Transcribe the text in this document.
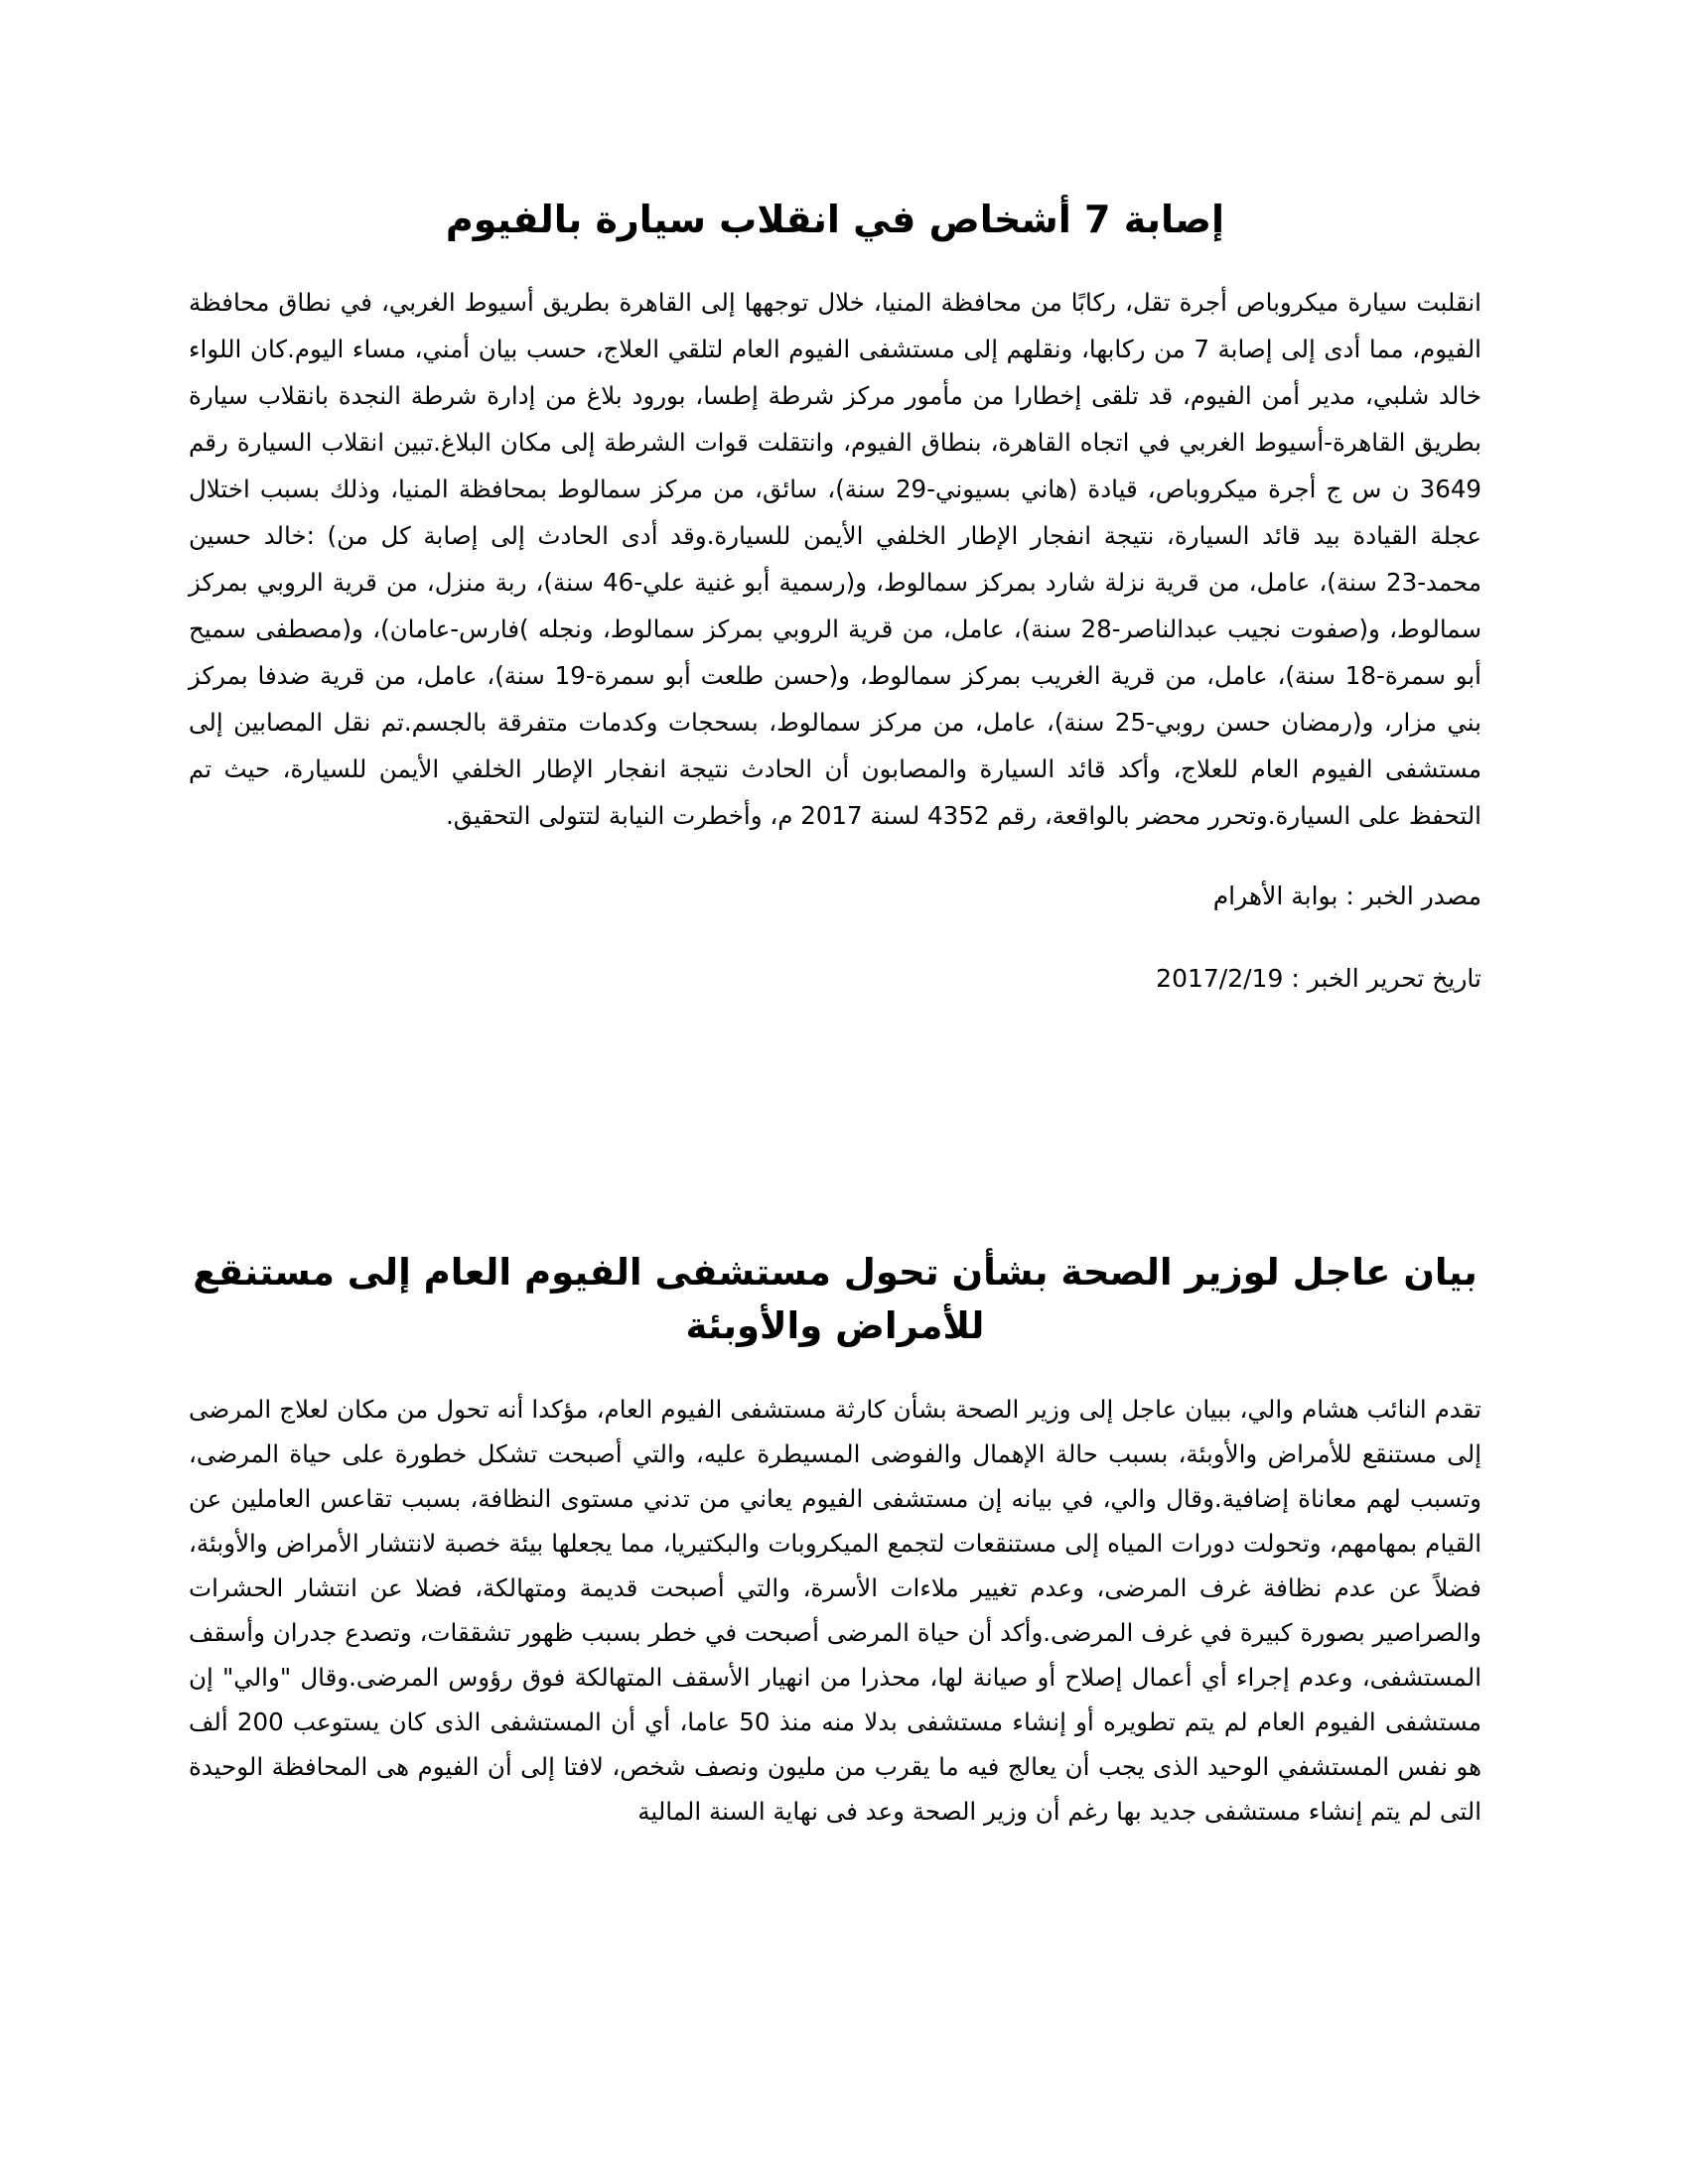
إصابة 7 أشخاص في انقلاب سيارة بالفيوم

انقلبت سيارة ميكروباص أجرة تقل، ركابًا من محافظة المنيا، خلال توجهها إلى القاهرة بطريق أسيوط الغربي، في نطاق محافظة الفيوم، مما أدى إلى إصابة 7 من ركابها، ونقلهم إلى مستشفى الفيوم العام لتلقي العلاج، حسب بيان أمني، مساء اليوم.كان اللواء خالد شلبي، مدير أمن الفيوم، قد تلقى إخطارا من مأمور مركز شرطة إطسا، بورود بلاغ من إدارة شرطة النجدة بانقلاب سيارة بطريق القاهرة-أسيوط الغربي في اتجاه القاهرة، بنطاق الفيوم، وانتقلت قوات الشرطة إلى مكان البلاغ.تبين انقلاب السيارة رقم 3649 ن س ج أجرة ميكروباص، قيادة (هاني بسيوني-29 سنة)، سائق، من مركز سمالوط بمحافظة المنيا، وذلك بسبب اختلال عجلة القيادة بيد قائد السيارة، نتيجة انفجار الإطار الخلفي الأيمن للسيارة.وقد أدى الحادث إلى إصابة كل من) :خالد حسين محمد-23 سنة)، عامل، من قرية نزلة شارد بمركز سمالوط، و(رسمية أبو غنية علي-46 سنة)، ربة منزل، من قرية الروبي بمركز سمالوط، و(صفوت نجيب عبدالناصر-28 سنة)، عامل، من قرية الروبي بمركز سمالوط، ونجله )فارس-عامان)، و(مصطفى سميح أبو سمرة-18 سنة)، عامل، من قرية الغريب بمركز سمالوط، و(حسن طلعت أبو سمرة-19 سنة)، عامل، من قرية ضدفا بمركز بني مزار، و(رمضان حسن روبي-25 سنة)، عامل، من مركز سمالوط، بسحجات وكدمات متفرقة بالجسم.تم نقل المصابين إلى مستشفى الفيوم العام للعلاج، وأكد قائد السيارة والمصابون أن الحادث نتيجة انفجار الإطار الخلفي الأيمن للسيارة، حيث تم التحفظ على السيارة.وتحرر محضر بالواقعة، رقم 4352 لسنة 2017 م، وأخطرت النيابة لتتولى التحقيق.

مصدر الخبر : بوابة الأهرام

تاريخ تحرير الخبر : 2017/2/19

بيان عاجل لوزير الصحة بشأن تحول مستشفى الفيوم العام إلى مستنقع للأمراض والأوبئة

تقدم النائب هشام والي، ببيان عاجل إلى وزير الصحة بشأن كارثة مستشفى الفيوم العام، مؤكدا أنه تحول من مكان لعلاج المرضى إلى مستنقع للأمراض والأوبئة، بسبب حالة الإهمال والفوضى المسيطرة عليه، والتي أصبحت تشكل خطورة على حياة المرضى، وتسبب لهم معاناة إضافية.وقال والي، في بيانه إن مستشفى الفيوم يعاني من تدني مستوى النظافة، بسبب تقاعس العاملين عن القيام بمهامهم، وتحولت دورات المياه إلى مستنقعات لتجمع الميكروبات والبكتيريا، مما يجعلها بيئة خصبة لانتشار الأمراض والأوبئة، فضلاً عن عدم نظافة غرف المرضى، وعدم تغيير ملاءات الأسرة، والتي أصبحت قديمة ومتهالكة، فضلا عن انتشار الحشرات والصراصير بصورة كبيرة في غرف المرضى.وأكد أن حياة المرضى أصبحت في خطر بسبب ظهور تشققات، وتصدع جدران وأسقف المستشفى، وعدم إجراء أي أعمال إصلاح أو صيانة لها، محذرا من انهيار الأسقف المتهالكة فوق رؤوس المرضى.وقال "والي" إن مستشفى الفيوم العام لم يتم تطويره أو إنشاء مستشفى بدلا منه منذ 50 عاما، أي أن المستشفى الذى كان يستوعب 200 ألف هو نفس المستشفي الوحيد الذى يجب أن يعالج فيه ما يقرب من مليون ونصف شخص، لافتا إلى أن الفيوم هى المحافظة الوحيدة التى لم يتم إنشاء مستشفى جديد بها رغم أن وزير الصحة وعد فى نهاية السنة المالية
